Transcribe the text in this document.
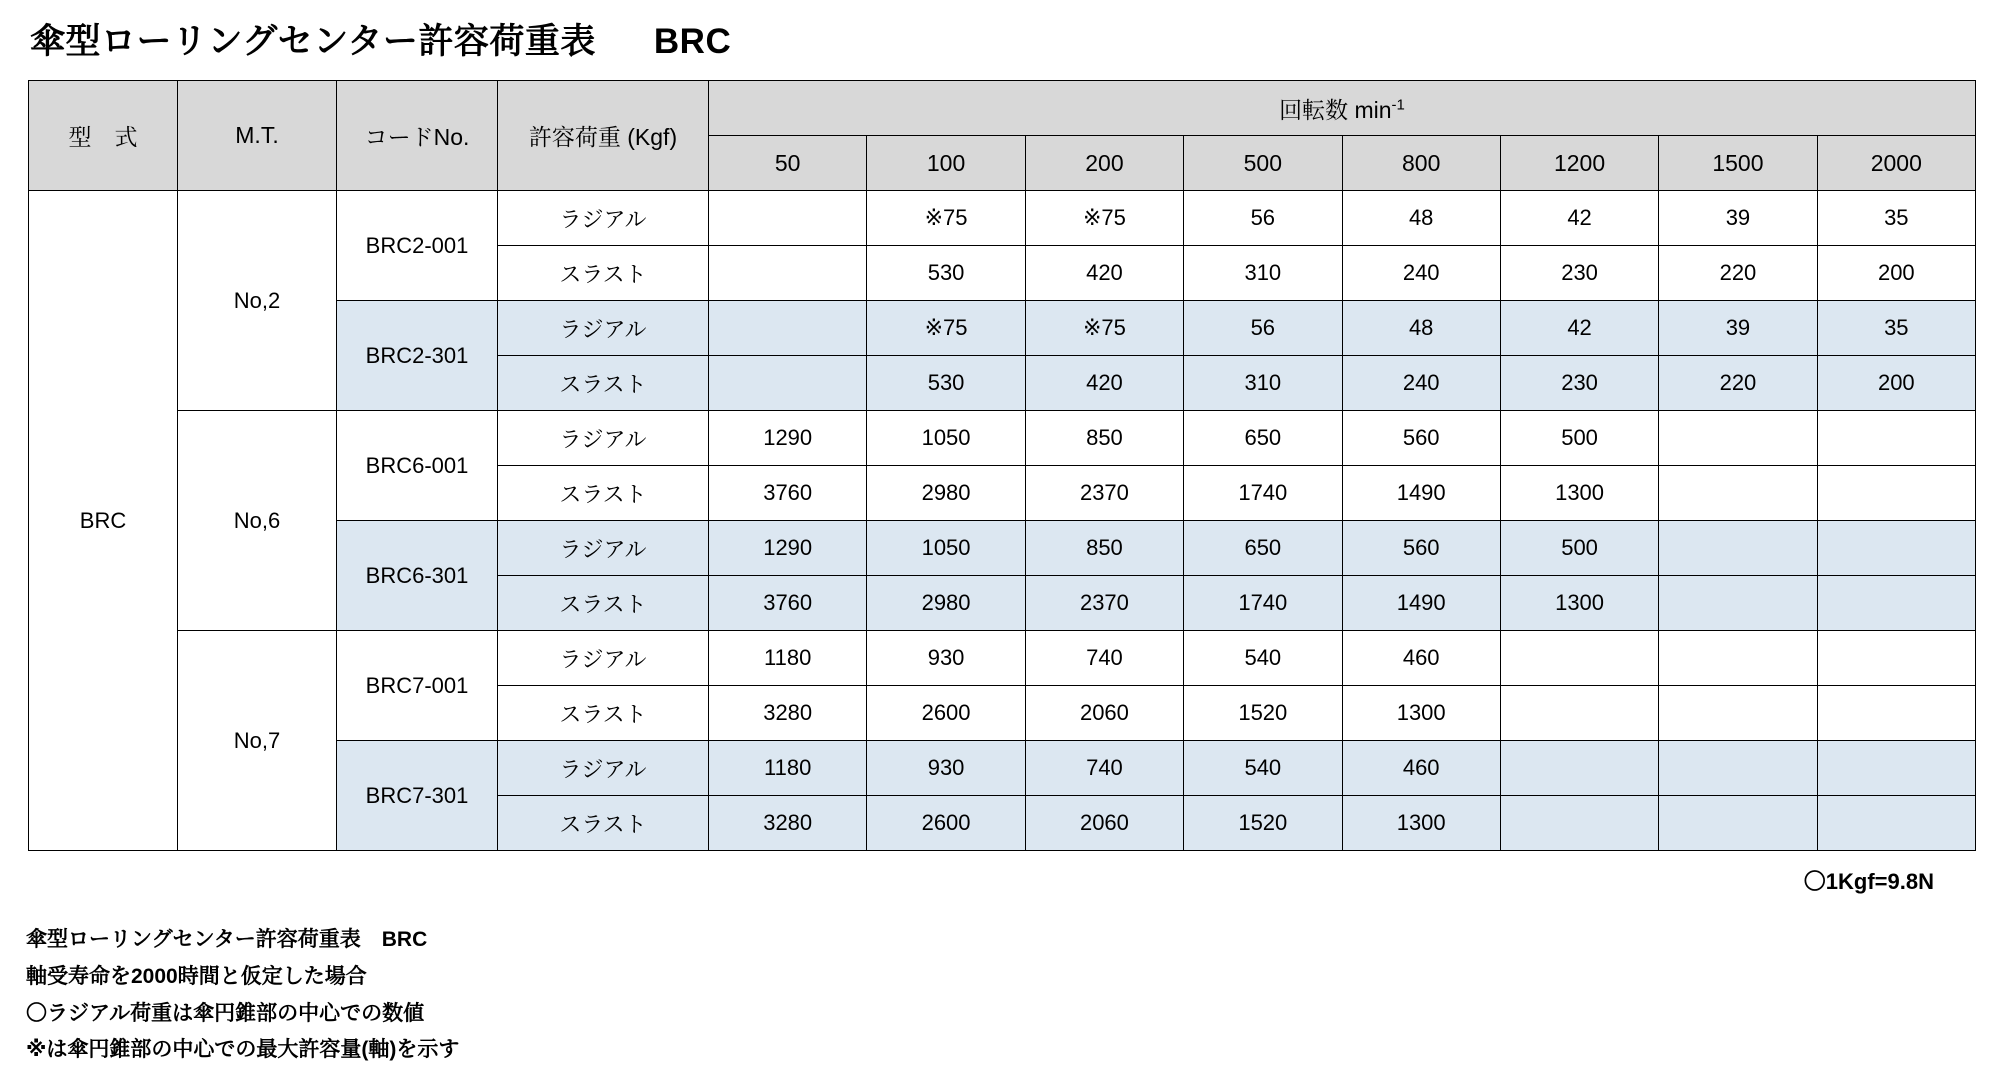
傘型ローリングセンター許容荷重表 BRC
型　式	M.T.	コードNo.	許容荷重 (Kgf)	回転数 $\min^{-1}$
				50	100	200	500	800	1200	1500	2000
BRC	No,2	BRC2-001	ラジアル		※75	※75	56	48	42	39	35
			スラスト		530	420	310	240	230	220	200
		BRC2-301	ラジアル		※75	※75	56	48	42	39	35
			スラスト		530	420	310	240	230	220	200
	No,6	BRC6-001	ラジアル	1290	1050	850	650	560	500		
			スラスト	3760	2980	2370	1740	1490	1300		
		BRC6-301	ラジアル	1290	1050	850	650	560	500		
			スラスト	3760	2980	2370	1740	1490	1300		
	No,7	BRC7-001	ラジアル	1180	930	740	540	460			
			スラスト	3280	2600	2060	1520	1300			
		BRC7-301	ラジアル	1180	930	740	540	460			
			スラスト	3280	2600	2060	1520	1300			
〇1Kgf=9.8N
傘型ローリングセンター許容荷重表　BRC
軸受寿命を2000時間と仮定した場合
〇ラジアル荷重は傘円錐部の中心での数値
※は傘円錐部の中心での最大許容量(軸)を示す
